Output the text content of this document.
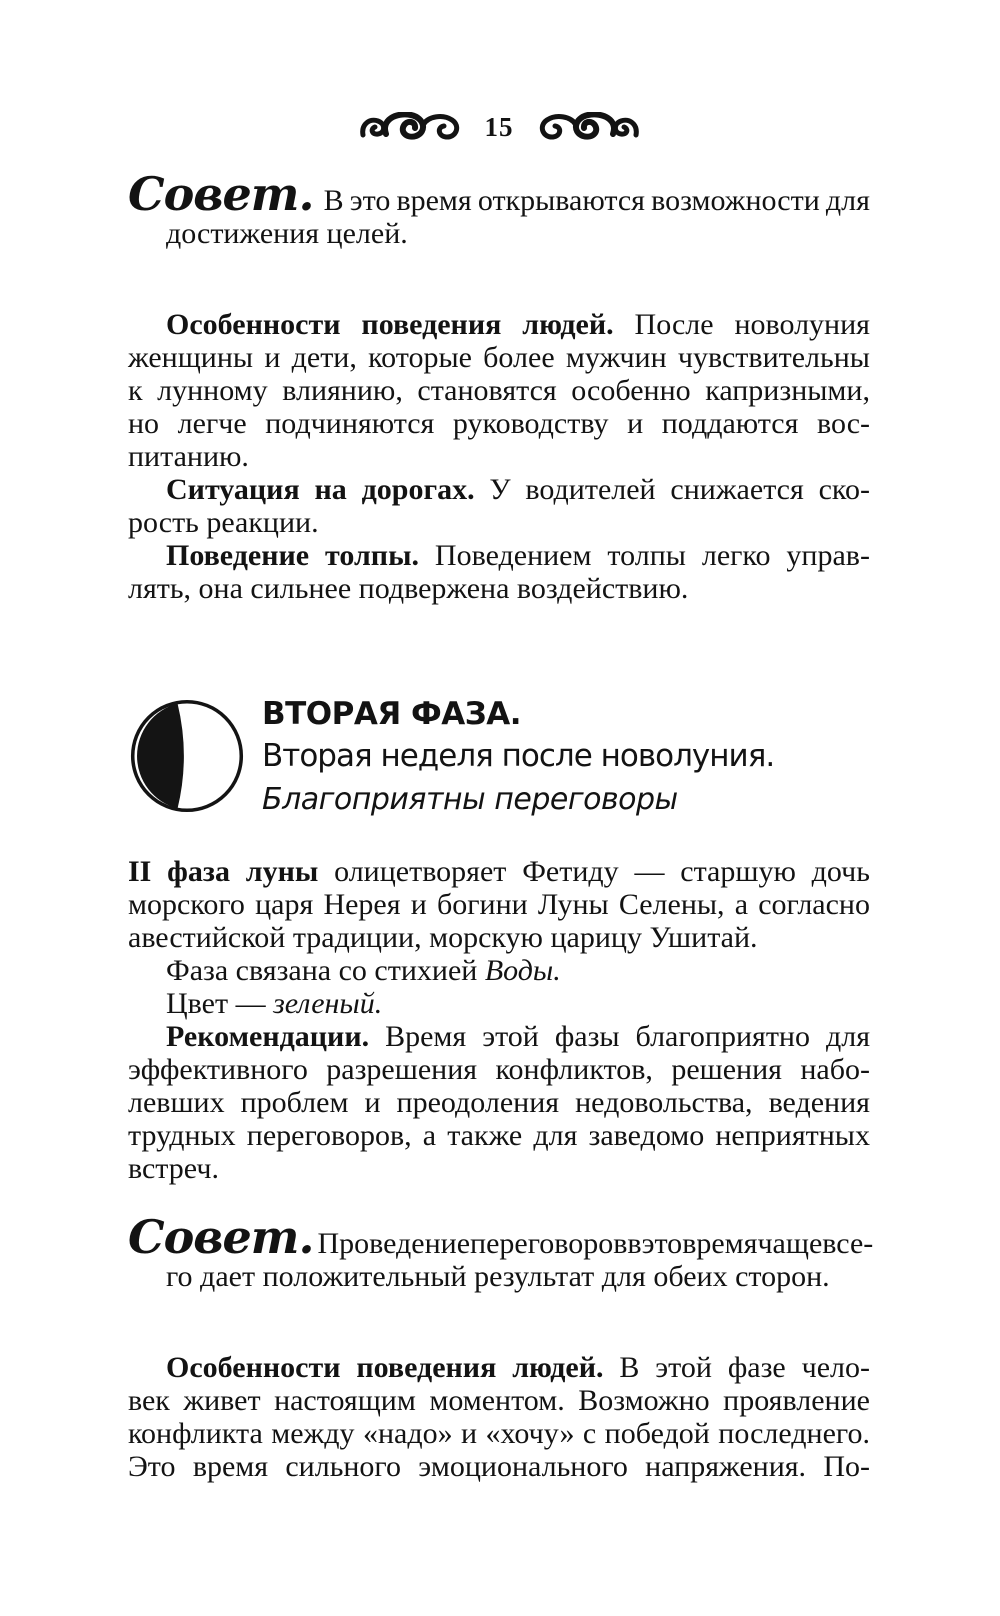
15
Совет. В это время открываются возможности для
достижения целей.
Особенности поведения людей. После новолуния
женщины и дети, которые более мужчин чувствительны
к лунному влиянию, становятся особенно капризными,
но легче подчиняются руководству и поддаются вос-
питанию.
Ситуация на дорогах. У водителей снижается ско-
рость реакции.
Поведение толпы. Поведением толпы легко управ-
лять, она сильнее подвержена воздействию.
ВТОРАЯ ФАЗА.
Вторая неделя после новолуния.
Благоприятны переговоры
II фаза луны олицетворяет Фетиду — старшую дочь
морского царя Нерея и богини Луны Селены, а согласно
авестийской традиции, морскую царицу Ушитай.
Фаза связана со стихией Воды.
Цвет — зеленый.
Рекомендации. Время этой фазы благоприятно для
эффективного разрешения конфликтов, решения набо-
левших проблем и преодоления недовольства, ведения
трудных переговоров, а также для заведомо неприятных
встреч.
Совет. Проведение переговоров в это время чаще все-
го дает положительный результат для обеих сторон.
Особенности поведения людей. В этой фазе чело-
век живет настоящим моментом. Возможно проявление
конфликта между «надо» и «хочу» с победой последнего.
Это время сильного эмоционального напряжения. По-
